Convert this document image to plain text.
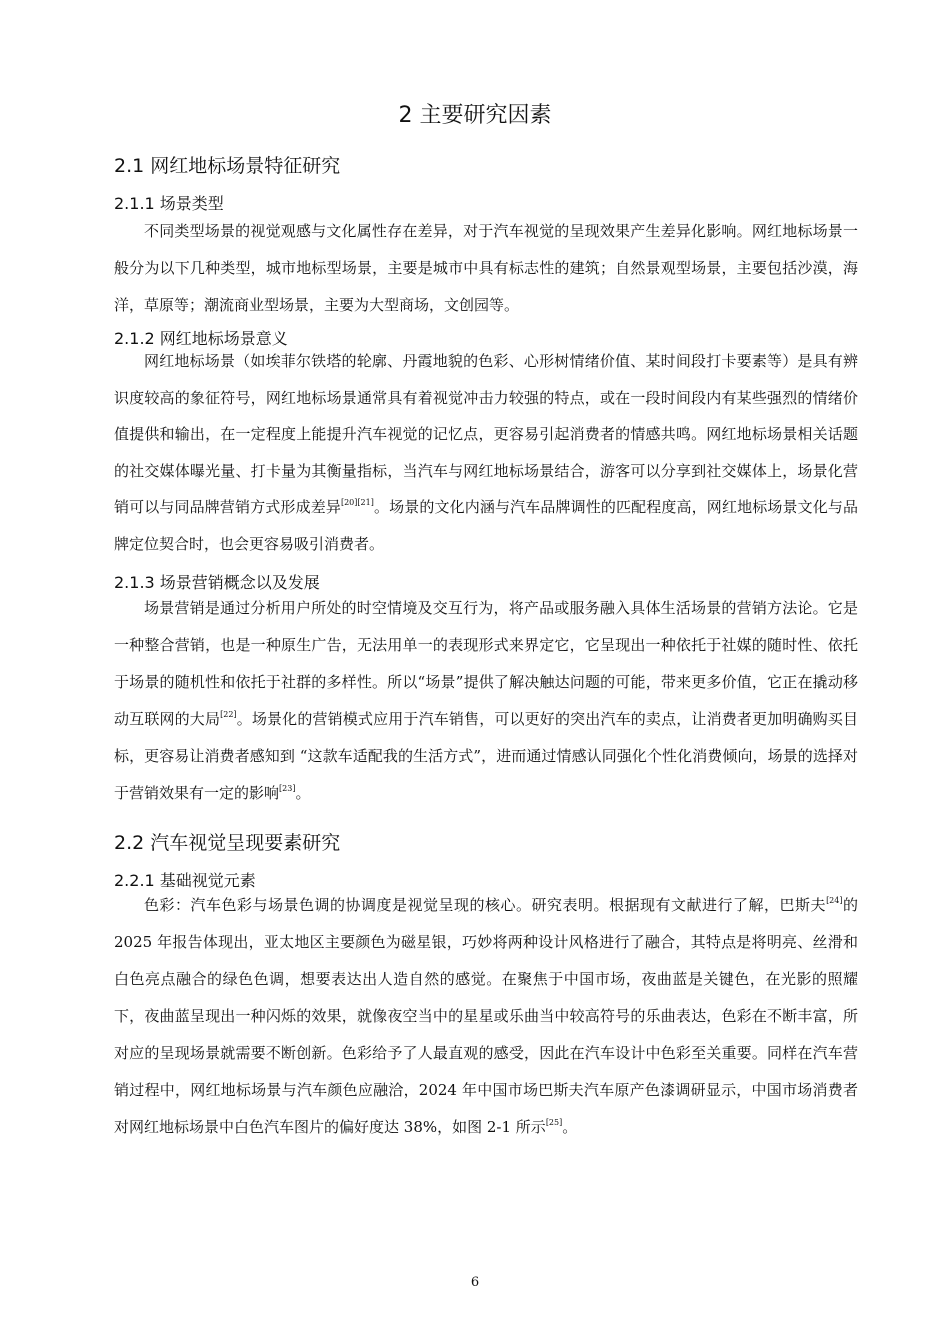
2 主要研究因素
2.1 网红地标场景特征研究
2.1.1 场景类型

不同类型场景的视觉观感与文化属性存在差异，对于汽车视觉的呈现效果产生差异化影响。网红地标场景一般分为以下几种类型，城市地标型场景，主要是城市中具有标志性的建筑；自然景观型场景，主要包括沙漠，海洋，草原等；潮流商业型场景，主要为大型商场，文创园等。

2.1.2 网红地标场景意义

网红地标场景（如埃菲尔铁塔的轮廓、丹霞地貌的色彩、心形树情绪价值、某时间段打卡要素等）是具有辨识度较高的象征符号，网红地标场景通常具有着视觉冲击力较强的特点，或在一段时间段内有某些强烈的情绪价值提供和输出，在一定程度上能提升汽车视觉的记忆点，更容易引起消费者的情感共鸣。网红地标场景相关话题的社交媒体曝光量、打卡量为其衡量指标，当汽车与网红地标场景结合，游客可以分享到社交媒体上，场景化营销可以与同品牌营销方式形成差异[20][21]。场景的文化内涵与汽车品牌调性的匹配程度高，网红地标场景文化与品牌定位契合时，也会更容易吸引消费者。

2.1.3 场景营销概念以及发展

场景营销是通过分析用户所处的时空情境及交互行为，将产品或服务融入具体生活场景的营销方法论。它是一种整合营销，也是一种原生广告，无法用单一的表现形式来界定它，它呈现出一种依托于社媒的随时性、依托于场景的随机性和依托于社群的多样性。所以“场景”提供了解决触达问题的可能，带来更多价值，它正在撬动移动互联网的大局[22]。场景化的营销模式应用于汽车销售，可以更好的突出汽车的卖点，让消费者更加明确购买目标，更容易让消费者感知到 “这款车适配我的生活方式”，进而通过情感认同强化个性化消费倾向，场景的选择对于营销效果有一定的影响[23]。

2.2 汽车视觉呈现要素研究
2.2.1 基础视觉元素

色彩：汽车色彩与场景色调的协调度是视觉呈现的核心。研究表明。根据现有文献进行了解，巴斯夫[24]的 2025 年报告体现出，亚太地区主要颜色为磁星银，巧妙将两种设计风格进行了融合，其特点是将明亮、丝滑和白色亮点融合的绿色色调，想要表达出人造自然的感觉。在聚焦于中国市场，夜曲蓝是关键色，在光影的照耀下，夜曲蓝呈现出一种闪烁的效果，就像夜空当中的星星或乐曲当中较高符号的乐曲表达，色彩在不断丰富，所对应的呈现场景就需要不断创新。色彩给予了人最直观的感受，因此在汽车设计中色彩至关重要。同样在汽车营销过程中，网红地标场景与汽车颜色应融洽，2024 年中国市场巴斯夫汽车原产色漆调研显示，中国市场消费者对网红地标场景中白色汽车图片的偏好度达 38%，如图 2-1 所示[25]。

6
